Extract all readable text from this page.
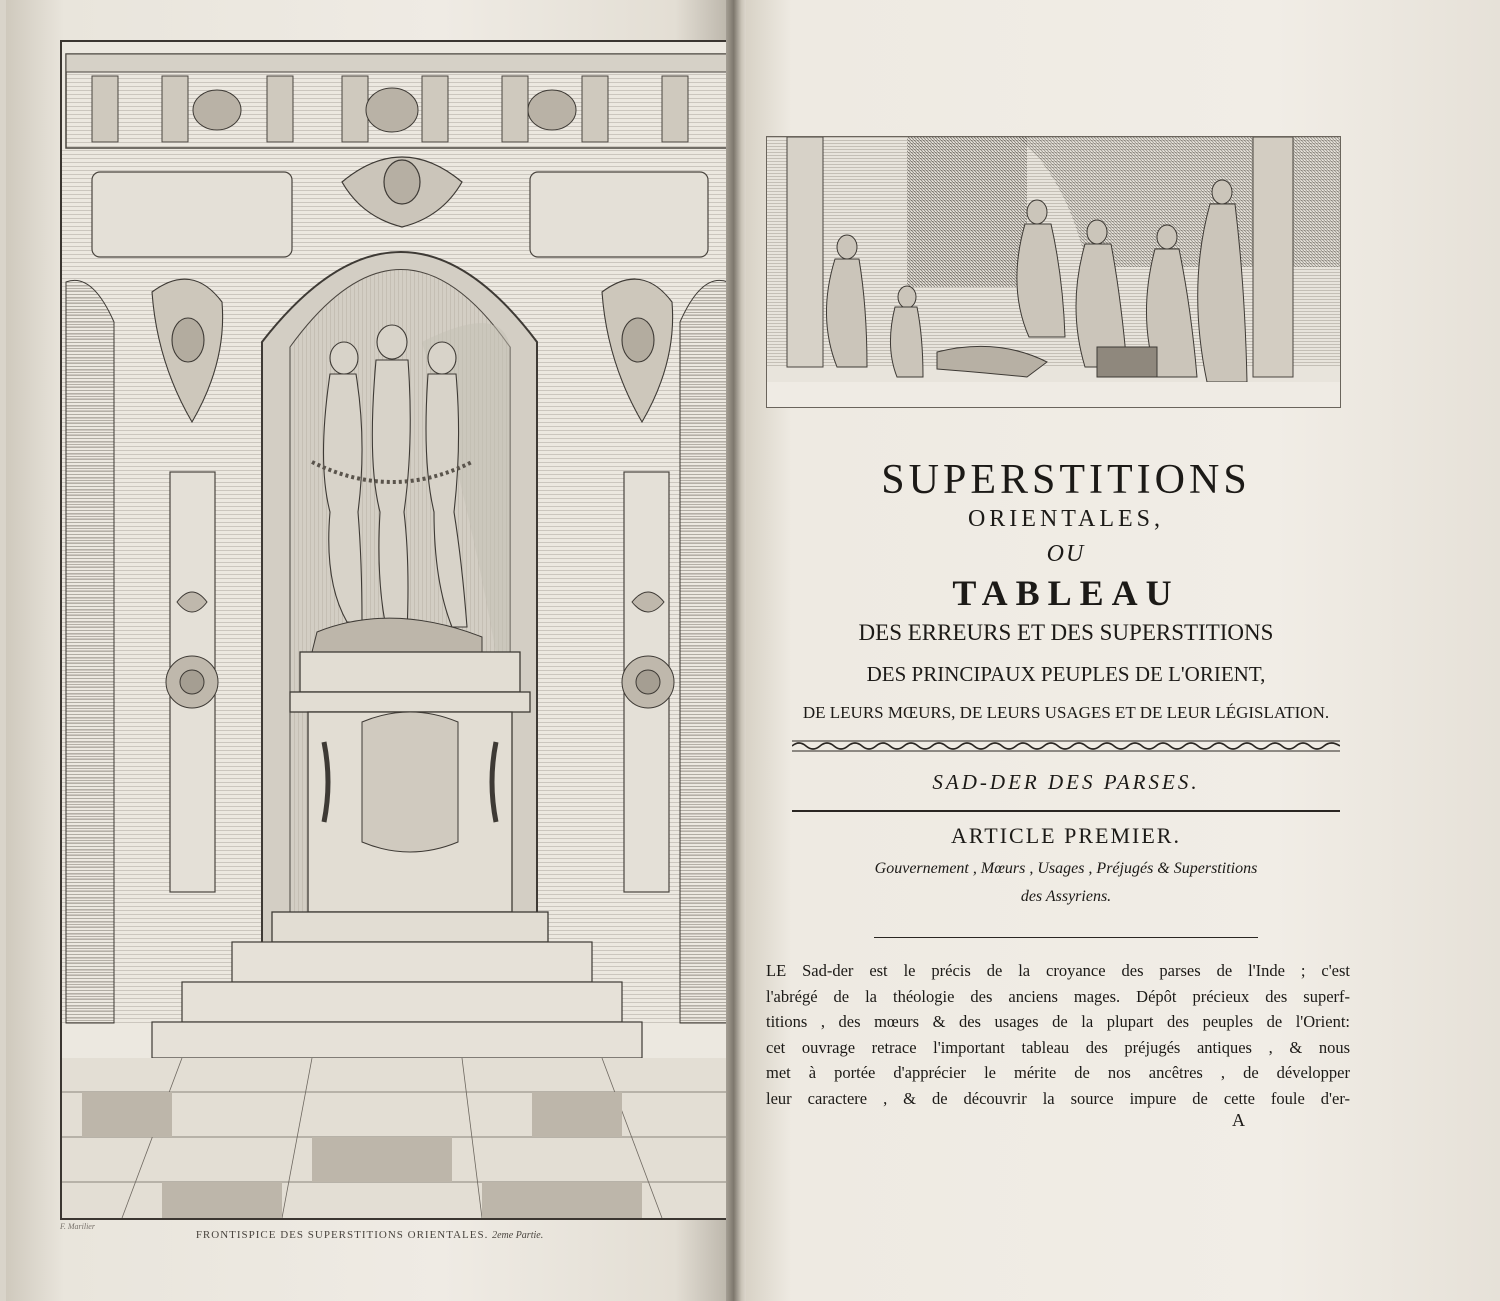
F. Marilier
FRONTISPICE DES SUPERSTITIONS ORIENTALES. 2eme Partie.
SUPERSTITIONS
ORIENTALES,
OU
TABLEAU
DES ERREURS ET DES SUPERSTITIONS
DES PRINCIPAUX PEUPLES DE L'ORIENT,
DE LEURS MŒURS, DE LEURS USAGES ET DE LEUR LÉGISLATION.
SAD-DER DES PARSES.
ARTICLE PREMIER.
Gouvernement , Mœurs , Usages , Préjugés & Superstitions
des Assyriens.
LE Sad-der est le précis de la croyance des parses de l'Inde ; c'est
l'abrégé de la théologie des anciens mages. Dépôt précieux des superf-
titions , des mœurs & des usages de la plupart des peuples de l'Orient:
cet ouvrage retrace l'important tableau des préjugés antiques , & nous
met à portée d'apprécier le mérite de nos ancêtres , de développer
leur caractere , & de découvrir la source impure de cette foule d'er-
A
